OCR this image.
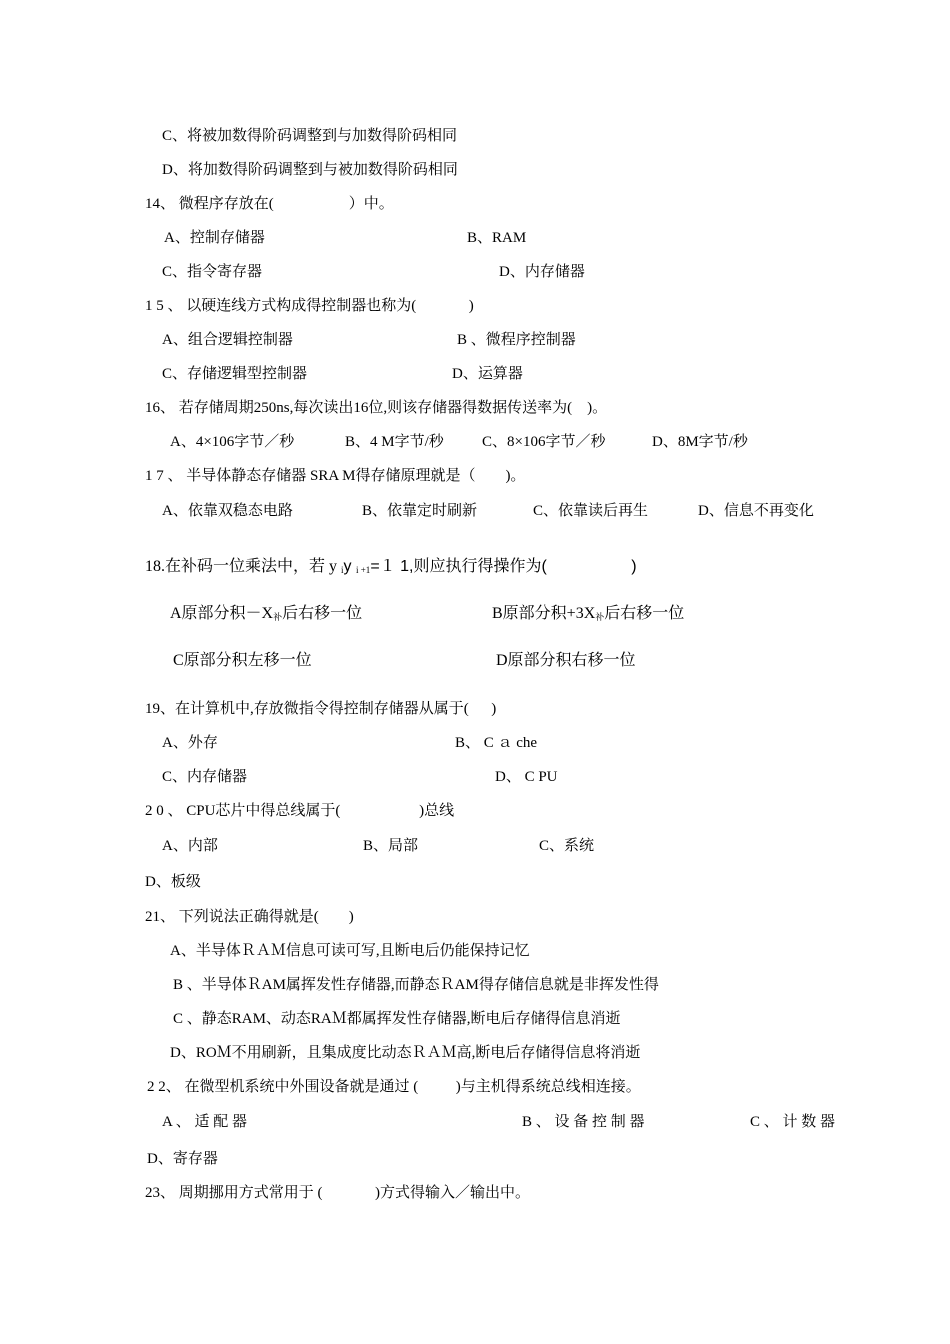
C、将被加数得阶码调整到与加数得阶码相同
D、将加数得阶码调整到与被加数得阶码相同
14、 微程序存放在(                    ）中。
A、控制存储器	B、RAM
C、指令寄存器	D、内存储器
1 5 、 以硬连线方式构成得控制器也称为(              )
A、组合逻辑控制器	B 、微程序控制器
C、存储逻辑型控制器	D、运算器
16、 若存储周期250ns,每次读出16位,则该存储器得数据传送率为(    )。
A、4×106字节／秒	B、4 M字节/秒	C、8×106字节／秒	D、8M字节/秒
1 7 、 半导体静态存储器 SRA M得存储原理就是（        )。
A、依靠双稳态电路	B、依靠定时刷新	C、依靠读后再生	D、信息不再变化
18.在补码一位乘法中，若 y iy i +1=１ 1,则应执行得操作为(                   )
A原部分积－X补后右移一位	B原部分积+3X补后右移一位
C原部分积左移一位	D原部分积右移一位
19、在计算机中,存放微指令得控制存储器从属于(      )
A、外存	B、 C ａ che
C、内存储器	D、 C PU
2 0 、 CPU芯片中得总线属于(                     )总线
A、内部	B、局部	C、系统
D、板级
21、 下列说法正确得就是(        )
A、半导体ＲＡＭ信息可读可写,且断电后仍能保持记忆
B 、半导体ＲAM属挥发性存储器,而静态ＲAM得存储信息就是非挥发性得
C 、静态RAM、动态RAＭ都属挥发性存储器,断电后存储得信息消逝
D、ROＭ不用刷新，且集成度比动态ＲＡＭ高,断电后存储得信息将消逝
2 2、 在微型机系统中外围设备就是通过 (          )与主机得系统总线相连接。
A 、 适 配 器	B 、 设 备 控 制 器	C 、 计 数 器
D、寄存器
23、 周期挪用方式常用于 (              )方式得输入／输出中。
